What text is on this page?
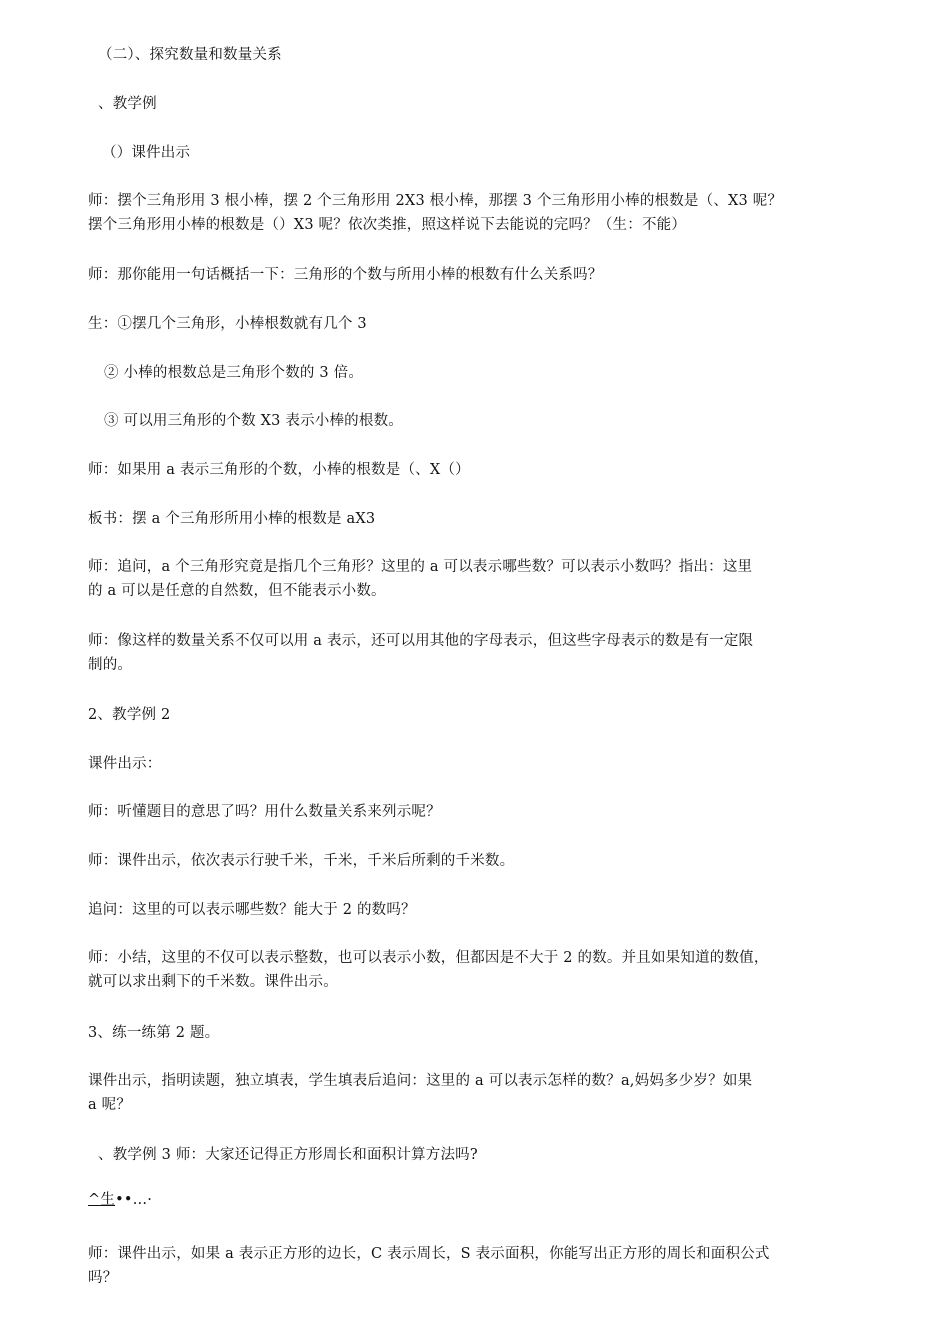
（二）、探究数量和数量关系
、教学例
（）课件出示
师：摆个三角形用 3 根小棒，摆 2 个三角形用 2X3 根小棒，那摆 3 个三角形用小棒的根数是（、X3 呢？
摆个三角形用小棒的根数是（）X3 呢？依次类推，照这样说下去能说的完吗？（生：不能）
师：那你能用一句话概括一下：三角形的个数与所用小棒的根数有什么关系吗？
生：①摆几个三角形，小棒根数就有几个 3
② 小棒的根数总是三角形个数的 3 倍。
③ 可以用三角形的个数 X3 表示小棒的根数。
师：如果用 a 表示三角形的个数，小棒的根数是（、X（）
板书：摆 a 个三角形所用小棒的根数是 aX3
师：追问，a 个三角形究竟是指几个三角形？这里的 a 可以表示哪些数？可以表示小数吗？指出：这里
的 a 可以是任意的自然数，但不能表示小数。
师：像这样的数量关系不仅可以用 a 表示，还可以用其他的字母表示，但这些字母表示的数是有一定限
制的。
2、教学例 2
课件出示：
师：听懂题目的意思了吗？用什么数量关系来列示呢？
师：课件出示，依次表示行驶千米，千米，千米后所剩的千米数。
追问：这里的可以表示哪些数？能大于 2 的数吗？
师：小结，这里的不仅可以表示整数，也可以表示小数，但都因是不大于 2 的数。并且如果知道的数值，
就可以求出剩下的千米数。课件出示。
3、练一练第 2 题。
课件出示，指明读题，独立填表，学生填表后追问：这里的 a 可以表示怎样的数？a,妈妈多少岁？如果
a 呢？
、教学例 3 师：大家还记得正方形周长和面积计算方法吗?
^生••…·
师：课件出示，如果 a 表示正方形的边长，C 表示周长，S 表示面积，你能写出正方形的周长和面积公式
吗？
